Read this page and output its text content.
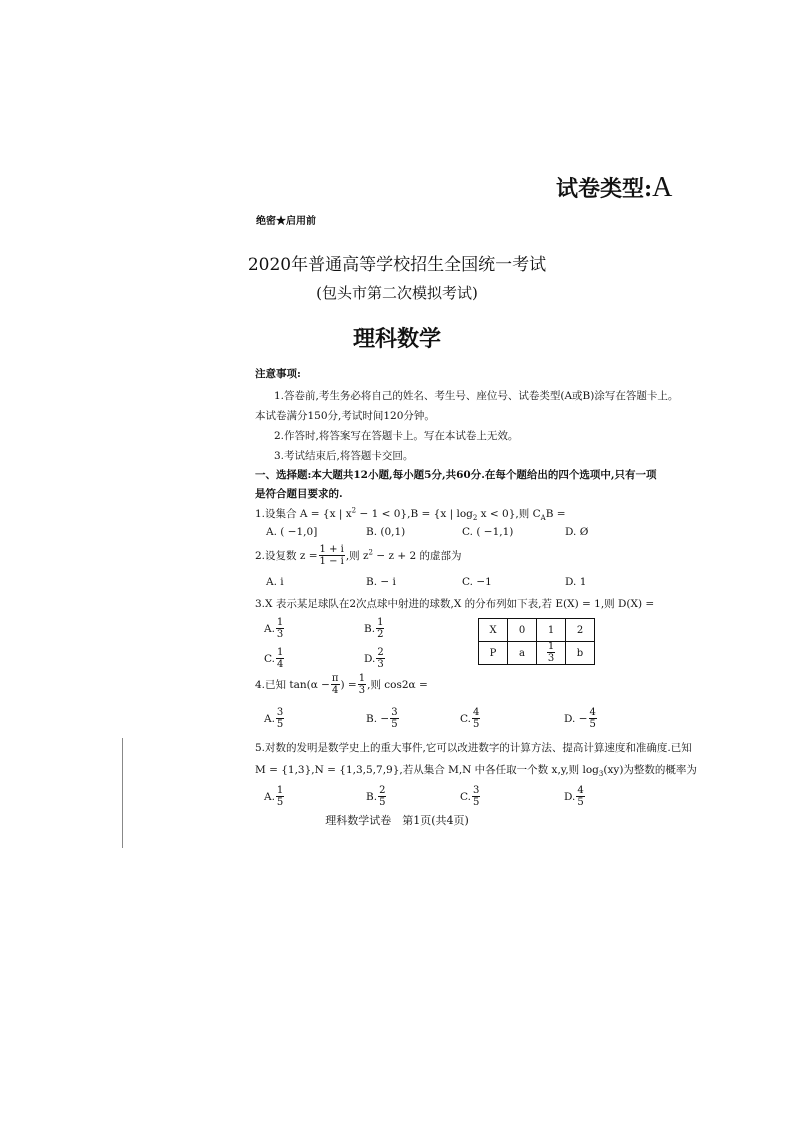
试卷类型:A
绝密★启用前
2020年普通高等学校招生全国统一考试
(包头市第二次模拟考试)
理科数学
注意事项:
1.答卷前,考生务必将自己的姓名、考生号、座位号、试卷类型(A或B)涂写在答题卡上。
本试卷满分150分,考试时间120分钟。
2.作答时,将答案写在答题卡上。写在本试卷上无效。
3.考试结束后,将答题卡交回。
一、选择题:本大题共12小题,每小题5分,共60分.在每个题给出的四个选项中,只有一项
是符合题目要求的.
1.设集合 A = {x | $x^2 - 1 < 0\},B = \{x$ | $\log_2 x < 0$},则 $C_AB$ =
A. ( −1,0]	B. (0,1)	C. ( −1,1)	D. Ø
2.设复数 $z = \frac{1 + i}{1 - i}$ ,则 $z^2 - z + 2$ 的虚部为
A. i	B. − i	C. −1	D. 1
3.X 表示某足球队在2次点球中射进的球数,X 的分布列如下表,若 E(X) = 1,则 D(X) =
A. $\frac{1}{3}$	B. $\frac{1}{2}$
C. $\frac{1}{4}$	D. $\frac{2}{3}$
X	0	1	2
P	a	$\frac{1}{3}$	b
4.已知 $\tan(\alpha - \frac{\pi}{4}$ ) = $\frac{1}{3}$ ,则 cos2α =
A. $\frac{3}{5}$	B. − $\frac{3}{5}$	C. $\frac{4}{5}$	D. − $\frac{4}{5}$
5.对数的发明是数学史上的重大事件,它可以改进数字的计算方法、提高计算速度和准确度.已知
M = {1,3},N = {1,3,5,7,9},若从集合 M,N 中各任取一个数 x,y,则 $\log_3(xy)$为整数的概率为
A. $\frac{1}{5}$	B. $\frac{2}{5}$	C. $\frac{3}{5}$	D. $\frac{4}{5}$
理科数学试卷　第1页(共4页)
